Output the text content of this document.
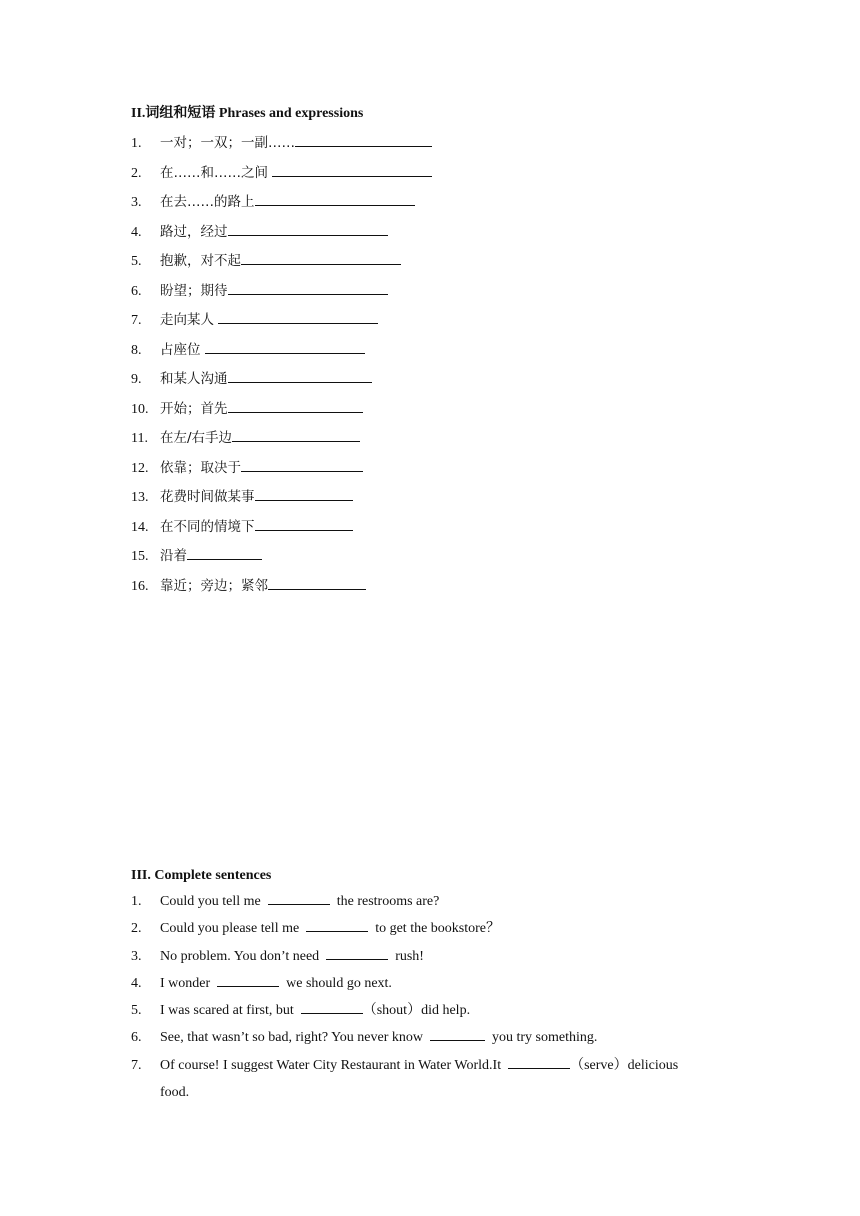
II.词组和短语 Phrases and expressions
1.	一对；一双；一副……
2.	在……和……之间
3.	在去……的路上
4.	路过，经过
5.	抱歉，对不起
6.	盼望；期待
7.	走向某人
8.	占座位
9.	和某人沟通
10. 开始；首先
11. 在左/右手边
12. 依靠；取决于
13. 花费时间做某事
14. 在不同的情境下
15. 沿着
16. 靠近；旁边；紧邻
III. Complete sentences
1.	Could you tell me	the restrooms are?
2.	Could you please tell me	to get the bookstore？
3.	No problem. You don’t need	rush!
4.	I wonder	we should go next.
5.	I was scared at first, but	（shout）did help.
6.	See, that wasn’t so bad, right? You never know	you try something.
7.	Of course! I suggest Water City Restaurant in Water World.It	（serve）delicious
food.
